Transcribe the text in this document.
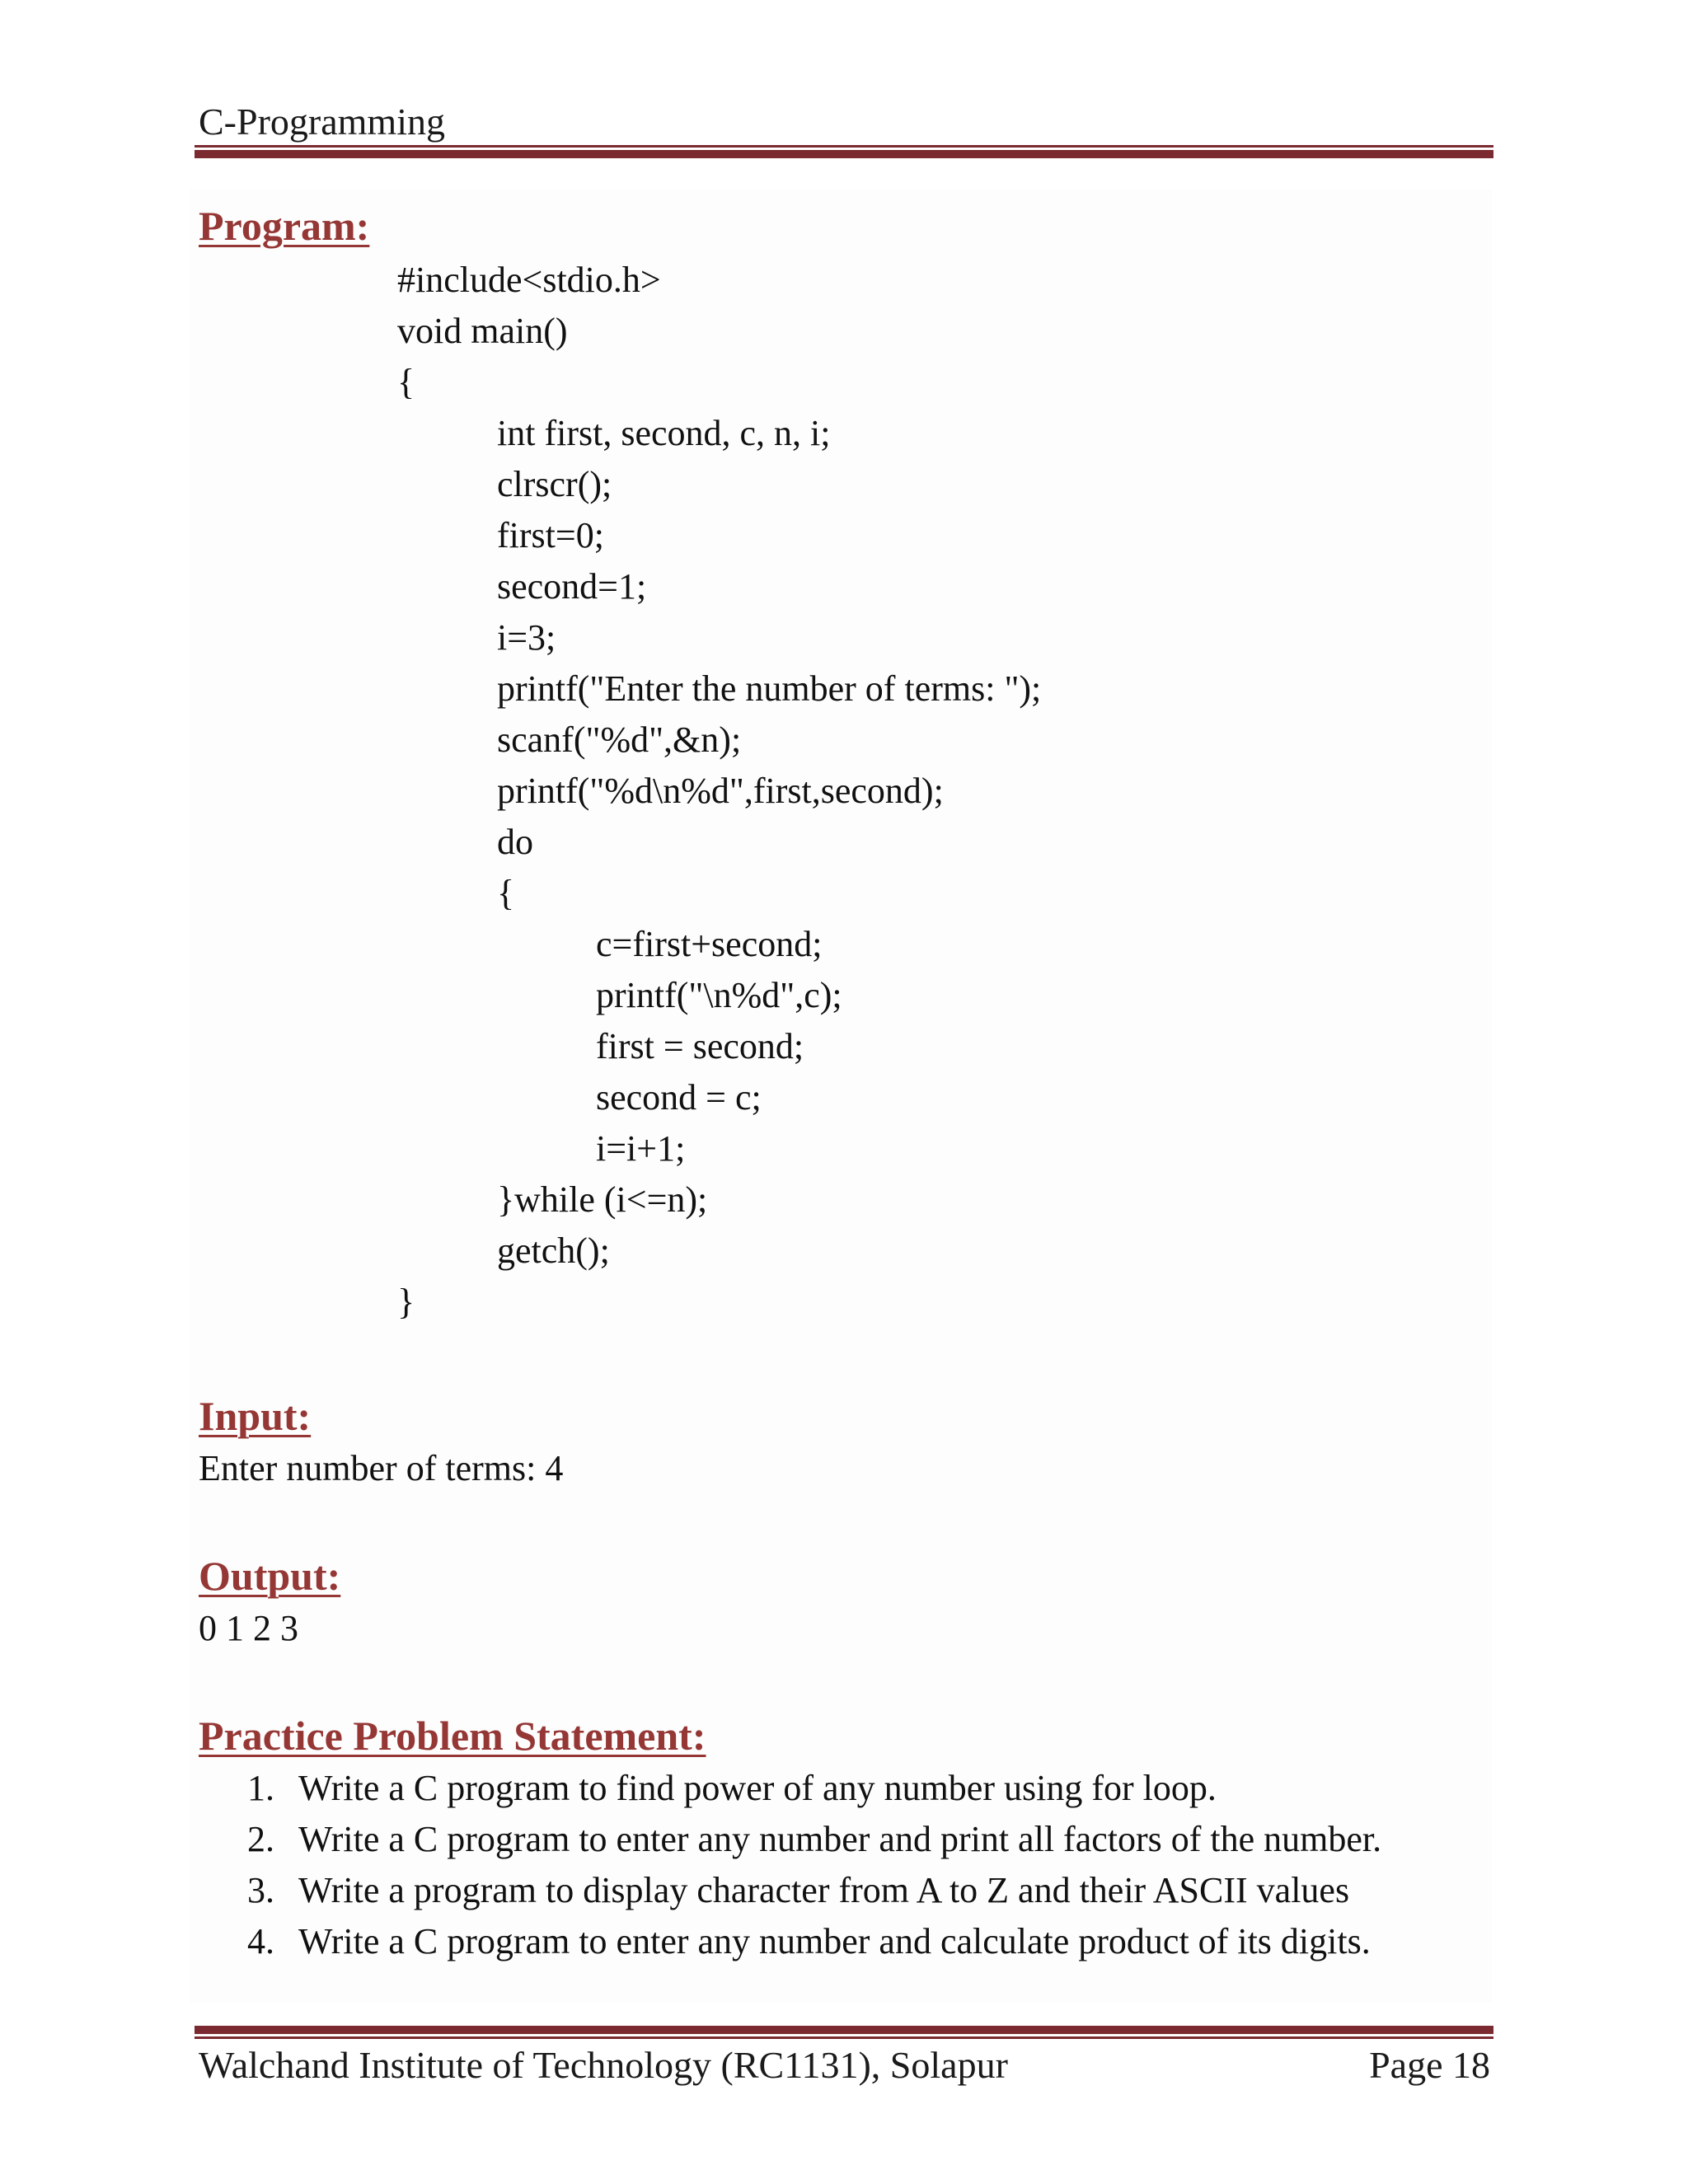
C-Programming
Program:
#include<stdio.h>
void main()
{
int first, second, c, n, i;
clrscr();
first=0;
second=1;
i=3;
printf("Enter the number of terms: ");
scanf("%d",&n);
printf("%d\n%d",first,second);
do
{
c=first+second;
printf("\n%d",c);
first = second;
second = c;
i=i+1;
}while (i<=n);
getch();
}
Input:
Enter number of terms: 4
Output:
0 1 2 3
Practice Problem Statement:
1. Write a C program to find power of any number using for loop.
2. Write a C program to enter any number and print all factors of the number.
3. Write a program to display character from A to Z and their ASCII values
4. Write a C program to enter any number and calculate product of its digits.
Walchand Institute of Technology (RC1131), Solapur	Page 18
